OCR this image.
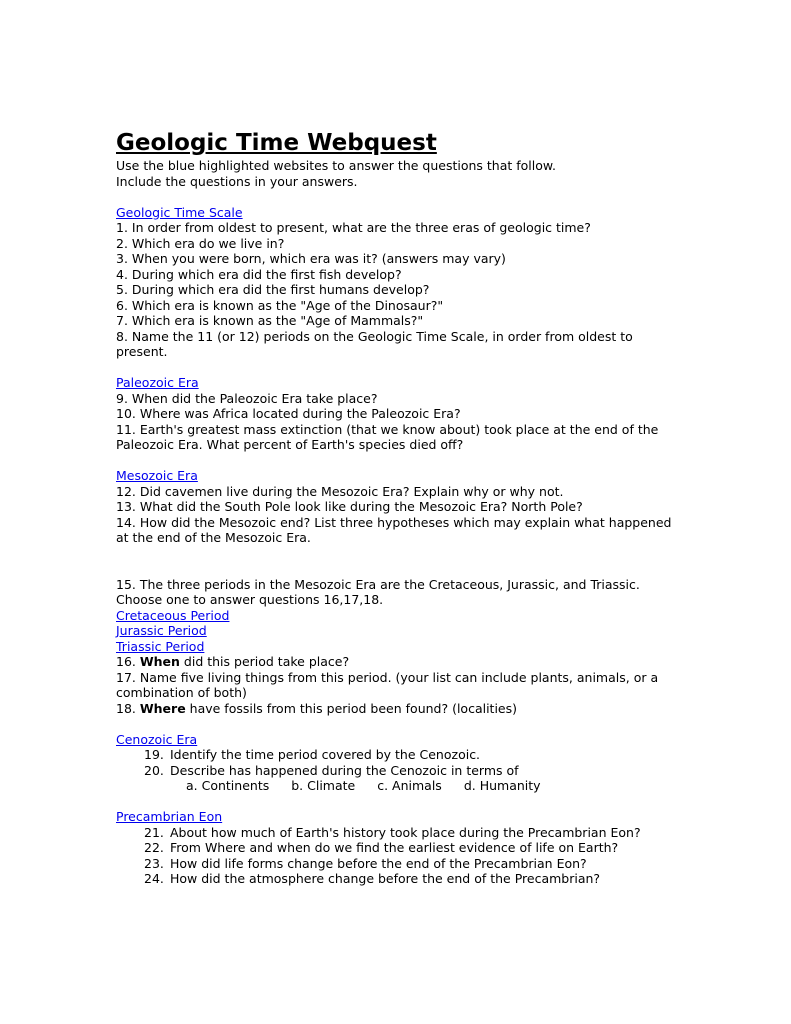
Geologic Time Webquest
Use the blue highlighted websites to answer the questions that follow.
Include the questions in your answers.
Geologic Time Scale
1. In order from oldest to present, what are the three eras of geologic time?
2. Which era do we live in?
3. When you were born, which era was it? (answers may vary)
4. During which era did the first fish develop?
5. During which era did the first humans develop?
6. Which era is known as the "Age of the Dinosaur?"
7. Which era is known as the "Age of Mammals?"
8. Name the 11 (or 12) periods on the Geologic Time Scale, in order from oldest to present.
Paleozoic Era
9. When did the Paleozoic Era take place?
10. Where was Africa located during the Paleozoic Era?
11. Earth's greatest mass extinction (that we know about) took place at the end of the Paleozoic Era. What percent of Earth's species died off?
Mesozoic Era
12. Did cavemen live during the Mesozoic Era? Explain why or why not.
13. What did the South Pole look like during the Mesozoic Era? North Pole?
14. How did the Mesozoic end? List three hypotheses which may explain what happened at the end of the Mesozoic Era.
15. The three periods in the Mesozoic Era are the Cretaceous, Jurassic, and Triassic. Choose one to answer questions 16,17,18.
Cretaceous Period
Jurassic Period
Triassic Period
16. When did this period take place?
17. Name five living things from this period. (your list can include plants, animals, or a combination of both)
18. Where have fossils from this period been found? (localities)
Cenozoic Era
19. Identify the time period covered by the Cenozoic.
20. Describe has happened during the Cenozoic in terms of
a. Continents b. Climate c. Animals d. Humanity
Precambrian Eon
21. About how much of Earth's history took place during the Precambrian Eon?
22. From Where and when do we find the earliest evidence of life on Earth?
23. How did life forms change before the end of the Precambrian Eon?
24. How did the atmosphere change before the end of the Precambrian?
